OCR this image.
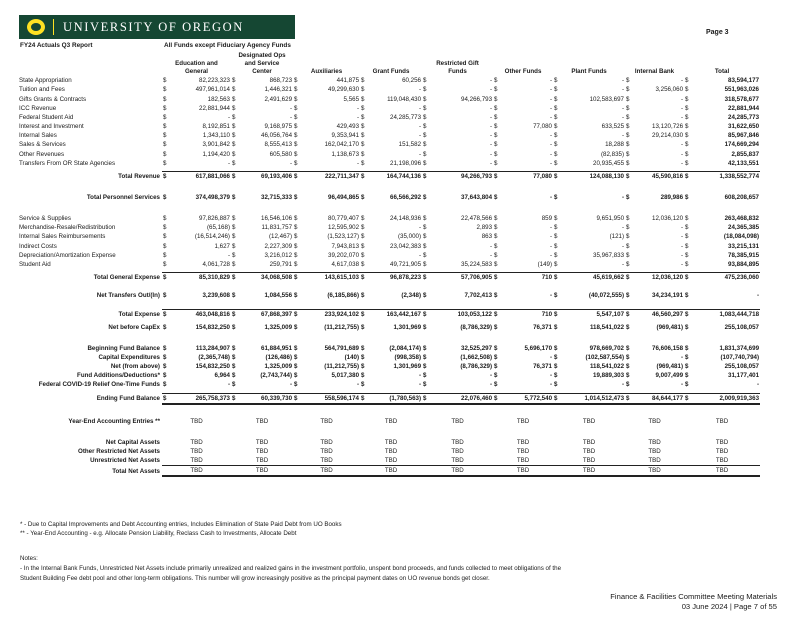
UNIVERSITY OF OREGON	Page 3
FY24 Actuals Q3 Report	All Funds except Fiduciary Agency Funds
			Designated Ops															
	Education and		and Service						Restricted Gift									
	General		Center		Auxiliaries		Grant Funds		Funds		Other Funds		Plant Funds		Internal Bank		Total	
State Appropriation	$	82,223,323	$	868,723	$	441,875	$	60,256	$	-	$	-	$	-	$	-	$	83,594,177
Tuition and Fees	$	497,961,014	$	1,446,321	$	49,299,630	$	-	$	-	$	-	$	-	$	3,256,060	$	551,963,026
Gifts Grants & Contracts	$	182,563	$	2,491,629	$	5,565	$	119,048,430	$	94,266,793	$	-	$	102,583,697	$	-	$	318,578,677
ICC Revenue	$	22,881,944	$	-	$	-	$	-	$	-	$	-	$	-	$	-	$	22,881,944
Federal Student Aid	$	-	$	-	$	-	$	24,285,773	$	-	$	-	$	-	$	-	$	24,285,773
Interest and Investment	$	8,192,851	$	9,168,975	$	429,493	$	-	$	-	$	77,080	$	633,525	$	13,120,726	$	31,622,650
Internal Sales	$	1,343,110	$	46,056,764	$	9,353,941	$	-	$	-	$	-	$	-	$	29,214,030	$	85,967,846
Sales & Services	$	3,901,842	$	8,555,413	$	162,042,170	$	151,582	$	-	$	-	$	18,288	$	-	$	174,669,294
Other Revenues	$	1,194,420	$	605,580	$	1,138,673	$	-	$	-	$	-	$	(82,835)	$	-	$	2,855,837
Transfers From OR State Agencies	$	-	$	-	$	-	$	21,198,096	$	-	$	-	$	20,935,455	$	-	$	42,133,551

Total Revenue	$	617,881,066	$	69,193,406	$	222,711,347	$	164,744,136	$	94,266,793	$	77,080	$	124,088,130	$	45,590,816	$	1,338,552,774

Total Personnel Services	$	374,498,379	$	32,715,333	$	96,494,865	$	66,566,292	$	37,643,804	$	-	$	-	$	289,986	$	608,208,657

Service & Supplies	$	97,826,887	$	16,546,106	$	80,779,407	$	24,148,936	$	22,478,566	$	859	$	9,651,950	$	12,036,120	$	263,468,832
Merchandise-Resale/Redistribution	$	(65,168)	$	11,831,757	$	12,595,902	$	-	$	2,893	$	-	$	-	$	-	$	24,365,385
Internal Sales Reimbursements	$	(16,514,246)	$	(12,467)	$	(1,523,127)	$	(35,000)	$	863	$	-	$	(121)	$	-	$	(18,084,098)
Indirect Costs	$	1,627	$	2,227,309	$	7,943,813	$	23,042,383	$	-	$	-	$	-	$	-	$	33,215,131
Depreciation/Amortization Expense	$	-	$	3,216,012	$	39,202,070	$	-	$	-	$	-	$	35,967,833	$	-	$	78,385,915
Student Aid	$	4,061,728	$	259,791	$	4,617,038	$	49,721,905	$	35,224,583	$	(149)	$	-	$	-	$	93,884,895

Total General Expense	$	85,310,829	$	34,068,508	$	143,615,103	$	96,878,223	$	57,706,905	$	710	$	45,619,662	$	12,036,120	$	475,236,060

Net Transfers Out/(In)	$	3,239,608	$	1,084,556	$	(6,185,866)	$	(2,348)	$	7,702,413	$	-	$	(40,072,555)	$	34,234,191	$	-

Total Expense	$	463,048,816	$	67,868,397	$	233,924,102	$	163,442,167	$	103,053,122	$	710	$	5,547,107	$	46,560,297	$	1,083,444,718

Net before CapEx	$	154,832,250	$	1,325,009	$	(11,212,755)	$	1,301,969	$	(8,786,329)	$	76,371	$	118,541,022	$	(969,481)	$	255,108,057

Beginning Fund Balance	$	113,284,907	$	61,884,951	$	564,791,689	$	(2,084,174)	$	32,525,297	$	5,696,170	$	978,669,702	$	76,606,158	$	1,831,374,699
Capital Expenditures	$	(2,365,748)	$	(126,486)	$	(140)	$	(998,358)	$	(1,662,508)	$	-	$	(102,587,554)	$	-	$	(107,740,794)
Net (from above)	$	154,832,250	$	1,325,009	$	(11,212,755)	$	1,301,969	$	(8,786,329)	$	76,371	$	118,541,022	$	(969,481)	$	255,108,057
Fund Additions/Deductions*	$	6,964	$	(2,743,744)	$	5,017,380	$	-	$	-	$	-	$	19,889,303	$	9,007,499	$	31,177,401
Federal COVID-19 Relief One-Time Funds	$	-	$	-	$	-	$	-	$	-	$	-	$	-	$	-	$	-

Ending Fund Balance	$	265,758,373	$	60,339,730	$	558,596,174	$	(1,780,563)	$	22,076,460	$	5,772,540	$	1,014,512,473	$	84,644,177	$	2,009,919,363

Year-End Accounting Entries **	TBD		TBD		TBD		TBD		TBD		TBD		TBD		TBD		TBD	

Net Capital Assets	TBD		TBD		TBD		TBD		TBD		TBD		TBD		TBD		TBD	
Other Restricted Net Assets	TBD		TBD		TBD		TBD		TBD		TBD		TBD		TBD		TBD	
Unrestricted Net Assets	TBD		TBD		TBD		TBD		TBD		TBD		TBD		TBD		TBD	
Total Net Assets	TBD		TBD		TBD		TBD		TBD		TBD		TBD		TBD		TBD	
* - Due to Capital Improvements and Debt Accounting entries, Includes Elimination of State Paid Debt from UO Books
** - Year-End Accounting - e.g. Allocate Pension Liability, Reclass Cash to Investments, Allocate Debt
Notes:
- In the Internal Bank Funds, Unrestricted Net Assets include primarily unrealized and realized gains in the investment portfolio, unspent bond proceeds, and funds collected to meet obligations of the Student Building Fee debt pool and other long-term obligations. This number will grow increasingly positive as the principal payment dates on UO revenue bonds get closer.
Finance & Facilities Committee Meeting Materials
03 June 2024 | Page 7 of 55
